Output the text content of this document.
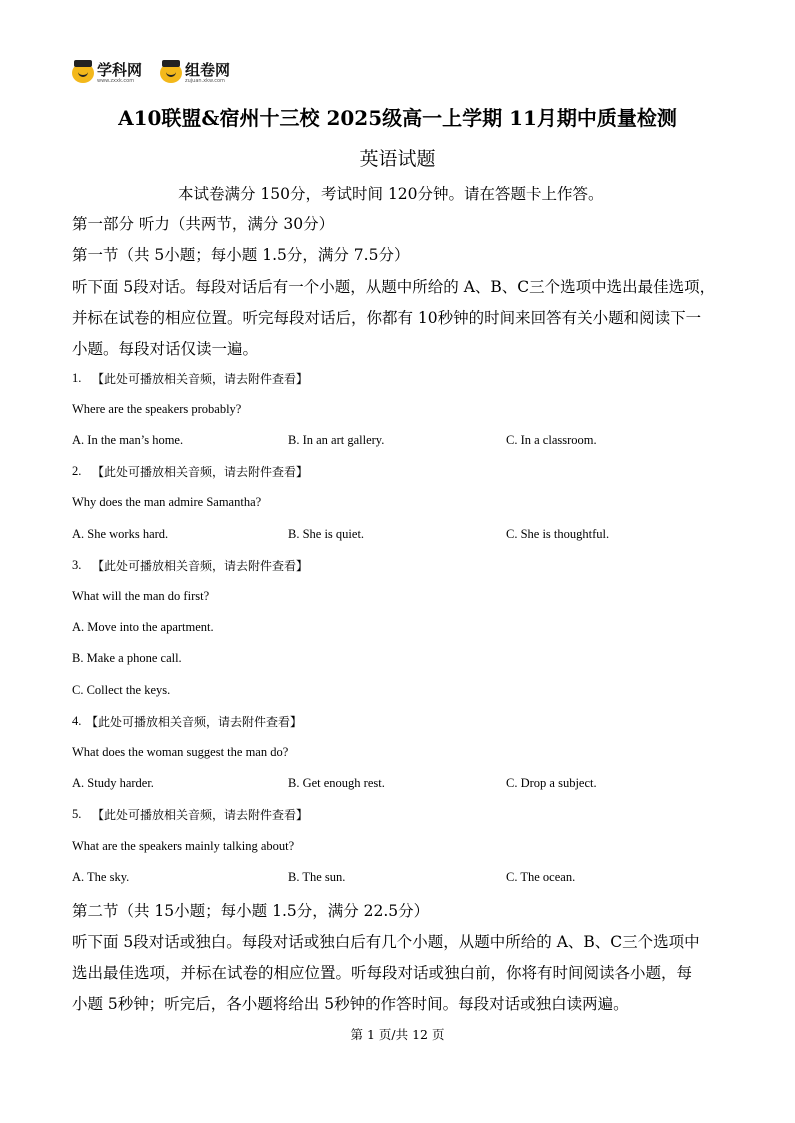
学科网
www.zxxk.com
组卷网
zujuan.xkw.com
A10联盟&宿州十三校 2025级高一上学期 11月期中质量检测
英语试题
本试卷满分 150分，考试时间 120分钟。请在答题卡上作答。
第一部分 听力（共两节，满分 30分）
第一节（共 5小题；每小题 1.5分，满分 7.5分）
听下面 5段对话。每段对话后有一个小题，从题中所给的 A、B、C三个选项中选出最佳选项，
并标在试卷的相应位置。听完每段对话后，你都有 10秒钟的时间来回答有关小题和阅读下一
小题。每段对话仅读一遍。
1. 【此处可播放相关音频，请去附件查看】
Where are the speakers probably?
A. In the man’s home.	B. In an art gallery.	C. In a classroom.
2. 【此处可播放相关音频，请去附件查看】
Why does the man admire Samantha?
A. She works hard.	B. She is quiet.	C. She is thoughtful.
3. 【此处可播放相关音频，请去附件查看】
What will the man do first?
A. Move into the apartment.
B. Make a phone call.
C. Collect the keys.
4. 【此处可播放相关音频，请去附件查看】
What does the woman suggest the man do?
A. Study harder.	B. Get enough rest.	C. Drop a subject.
5. 【此处可播放相关音频，请去附件查看】
What are the speakers mainly talking about?
A. The sky.	B. The sun.	C. The ocean.
第二节（共 15小题；每小题 1.5分，满分 22.5分）
听下面 5段对话或独白。每段对话或独白后有几个小题，从题中所给的 A、B、C三个选项中
选出最佳选项，并标在试卷的相应位置。听每段对话或独白前，你将有时间阅读各小题，每
小题 5秒钟；听完后，各小题将给出 5秒钟的作答时间。每段对话或独白读两遍。
第 1 页/共 12 页
